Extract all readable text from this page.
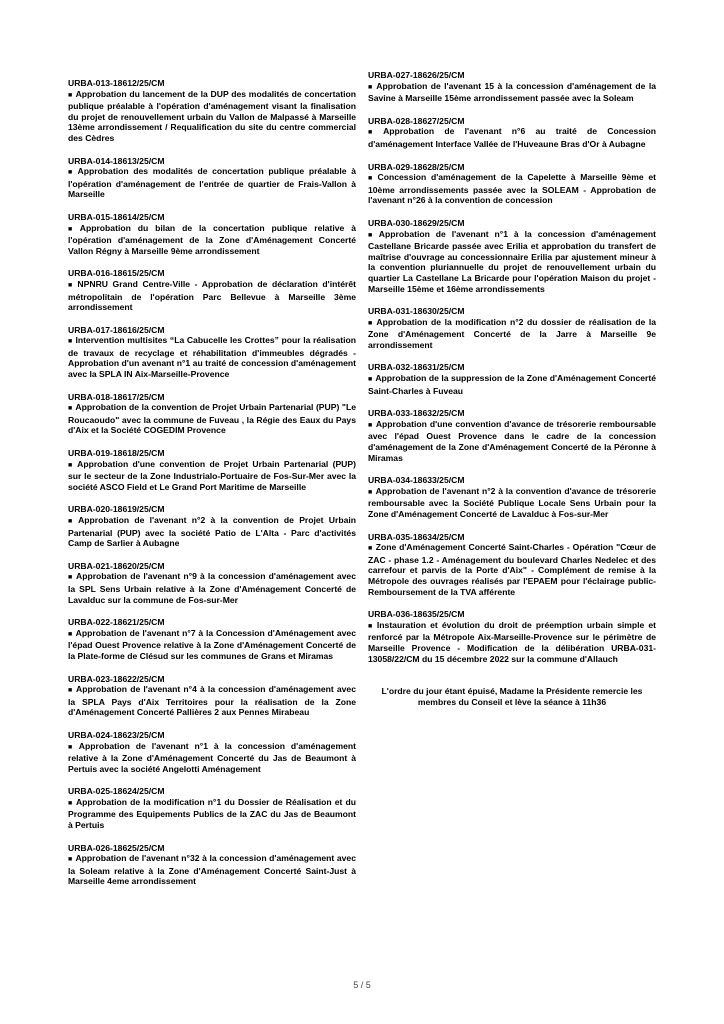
URBA-013-18612/25/CM

■ Approbation du lancement de la DUP des modalités de concertation publique préalable à l'opération d'aménagement visant la finalisation du projet de renouvellement urbain du Vallon de Malpassé à Marseille 13ème arrondissement / Requalification du site du centre commercial des Cèdres

URBA-014-18613/25/CM

■ Approbation des modalités de concertation publique préalable à l'opération d'aménagement de l'entrée de quartier de Frais-Vallon à Marseille

URBA-015-18614/25/CM

■ Approbation du bilan de la concertation publique relative à l'opération d'aménagement de la Zone d'Aménagement Concerté Vallon Régny à Marseille 9ème arrondissement

URBA-016-18615/25/CM

■ NPNRU Grand Centre-Ville - Approbation de déclaration d'intérêt métropolitain de l'opération Parc Bellevue à Marseille 3ème arrondissement

URBA-017-18616/25/CM

■ Intervention multisites “La Cabucelle les Crottes” pour la réalisation de travaux de recyclage et réhabilitation d'immeubles dégradés - Approbation d'un avenant n°1 au traité de concession d'aménagement avec la SPLA IN Aix-Marseille-Provence

URBA-018-18617/25/CM

■ Approbation de la convention de Projet Urbain Partenarial (PUP) "Le Roucaoudo" avec la commune de Fuveau , la Régie des Eaux du Pays d'Aix et la Société COGEDIM Provence

URBA-019-18618/25/CM

■ Approbation d'une convention de Projet Urbain Partenarial (PUP) sur le secteur de la Zone Industrialo-Portuaire de Fos-Sur-Mer avec la société ASCO Field et Le Grand Port Maritime de Marseille

URBA-020-18619/25/CM

■ Approbation de l'avenant n°2 à la convention de Projet Urbain Partenarial (PUP) avec la société Patio de L'Alta - Parc d'activités Camp de Sarlier à Aubagne

URBA-021-18620/25/CM

■ Approbation de l'avenant n°9 à la concession d'aménagement avec la SPL Sens Urbain relative à la Zone d'Aménagement Concerté de Lavalduc sur la commune de Fos-sur-Mer

URBA-022-18621/25/CM

■ Approbation de l'avenant n°7 à la Concession d'Aménagement avec l'épad Ouest Provence relative à la Zone d'Aménagement Concerté de la Plate-forme de Clésud sur les communes de Grans et Miramas

URBA-023-18622/25/CM

■ Approbation de l'avenant n°4 à la concession d'aménagement avec la SPLA Pays d'Aix Territoires pour la réalisation de la Zone d'Aménagement Concerté Pallières 2 aux Pennes Mirabeau

URBA-024-18623/25/CM

■ Approbation de l'avenant n°1 à la concession d'aménagement relative à la Zone d'Aménagement Concerté du Jas de Beaumont à Pertuis avec la société Angelotti Aménagement

URBA-025-18624/25/CM

■ Approbation de la modification n°1 du Dossier de Réalisation et du Programme des Equipements Publics de la ZAC du Jas de Beaumont à Pertuis

URBA-026-18625/25/CM

■ Approbation de l'avenant n°32 à la concession d'aménagement avec la Soleam relative à la Zone d'Aménagement Concerté Saint-Just à Marseille 4eme arrondissement

URBA-027-18626/25/CM

■ Approbation de l'avenant 15 à la concession d'aménagement de la Savine à Marseille 15ème arrondissement passée avec la Soleam

URBA-028-18627/25/CM

■ Approbation de l'avenant n°6 au traité de Concession d'aménagement Interface Vallée de l'Huveaune Bras d'Or à Aubagne

URBA-029-18628/25/CM

■ Concession d'aménagement de la Capelette à Marseille 9ème et 10ème arrondissements passée avec la SOLEAM - Approbation de l'avenant n°26 à la convention de concession

URBA-030-18629/25/CM

■ Approbation de l'avenant n°1 à la concession d'aménagement Castellane Bricarde passée avec Erilia et approbation du transfert de maîtrise d'ouvrage au concessionnaire Erilia par ajustement mineur à la convention pluriannuelle du projet de renouvellement urbain du quartier La Castellane La Bricarde pour l'opération Maison du projet - Marseille 15ème et 16ème arrondissements

URBA-031-18630/25/CM

■ Approbation de la modification n°2 du dossier de réalisation de la Zone d'Aménagement Concerté de la Jarre à Marseille 9e arrondissement

URBA-032-18631/25/CM

■ Approbation de la suppression de la Zone d'Aménagement Concerté Saint-Charles à Fuveau

URBA-033-18632/25/CM

■ Approbation d'une convention d'avance de trésorerie remboursable avec l'épad Ouest Provence dans le cadre de la concession d'aménagement de la Zone d'Aménagement Concerté de la Péronne à Miramas

URBA-034-18633/25/CM

■ Approbation de l'avenant n°2 à la convention d'avance de trésorerie remboursable avec la Société Publique Locale Sens Urbain pour la Zone d'Aménagement Concerté de Lavalduc à Fos-sur-Mer

URBA-035-18634/25/CM

■ Zone d'Aménagement Concerté Saint-Charles - Opération "Cœur de ZAC - phase 1.2 - Aménagement du boulevard Charles Nedelec et des carrefour et parvis de la Porte d'Aix" - Complément de remise à la Métropole des ouvrages réalisés par l'EPAEM pour l'éclairage public- Remboursement de la TVA afférente

URBA-036-18635/25/CM

■ Instauration et évolution du droit de préemption urbain simple et renforcé par la Métropole Aix-Marseille-Provence sur le périmètre de Marseille Provence - Modification de la délibération URBA-031-13058/22/CM du 15 décembre 2022 sur la commune d'Allauch

L'ordre du jour étant épuisé, Madame la Présidente remercie les membres du Conseil et lève la séance à 11h36
5 / 5
